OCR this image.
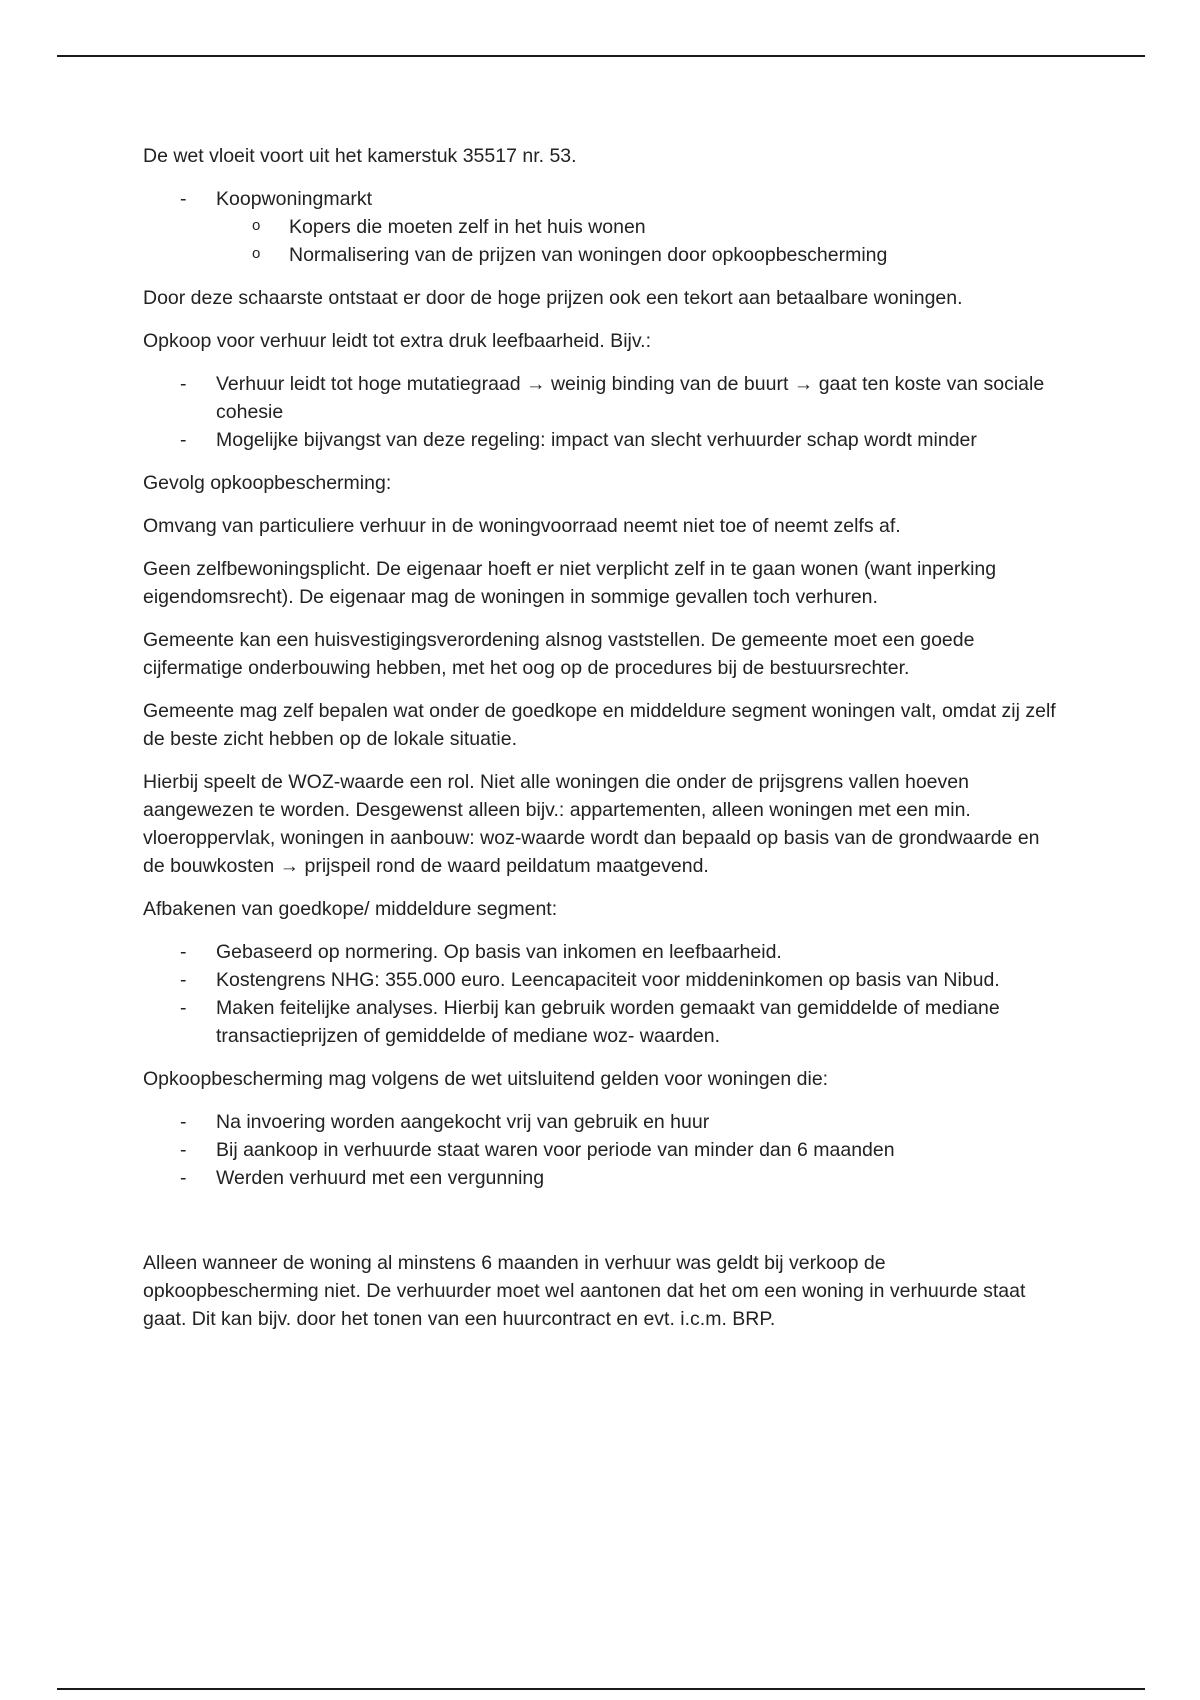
De wet vloeit voort uit het kamerstuk 35517 nr. 53.

- Koopwoningmarkt
o Kopers die moeten zelf in het huis wonen
o Normalisering van de prijzen van woningen door opkoopbescherming

Door deze schaarste ontstaat er door de hoge prijzen ook een tekort aan betaalbare woningen.

Opkoop voor verhuur leidt tot extra druk leefbaarheid. Bijv.:

- Verhuur leidt tot hoge mutatiegraad → weinig binding van de buurt → gaat ten koste van sociale cohesie
- Mogelijke bijvangst van deze regeling: impact van slecht verhuurder schap wordt minder

Gevolg opkoopbescherming:

Omvang van particuliere verhuur in de woningvoorraad neemt niet toe of neemt zelfs af.

Geen zelfbewoningsplicht. De eigenaar hoeft er niet verplicht zelf in te gaan wonen (want inperking eigendomsrecht). De eigenaar mag de woningen in sommige gevallen toch verhuren.

Gemeente kan een huisvestigingsverordening alsnog vaststellen. De gemeente moet een goede cijfermatige onderbouwing hebben, met het oog op de procedures bij de bestuursrechter.

Gemeente mag zelf bepalen wat onder de goedkope en middeldure segment woningen valt, omdat zij zelf de beste zicht hebben op de lokale situatie.

Hierbij speelt de WOZ-waarde een rol. Niet alle woningen die onder de prijsgrens vallen hoeven aangewezen te worden. Desgewenst alleen bijv.: appartementen, alleen woningen met een min. vloeroppervlak, woningen in aanbouw: woz-waarde wordt dan bepaald op basis van de grondwaarde en de bouwkosten → prijspeil rond de waard peildatum maatgevend.

Afbakenen van goedkope/ middeldure segment:

- Gebaseerd op normering. Op basis van inkomen en leefbaarheid.
- Kostengrens NHG: 355.000 euro. Leencapaciteit voor middeninkomen op basis van Nibud.
- Maken feitelijke analyses. Hierbij kan gebruik worden gemaakt van gemiddelde of mediane transactieprijzen of gemiddelde of mediane woz- waarden.

Opkoopbescherming mag volgens de wet uitsluitend gelden voor woningen die:

- Na invoering worden aangekocht vrij van gebruik en huur
- Bij aankoop in verhuurde staat waren voor periode van minder dan 6 maanden
- Werden verhuurd met een vergunning

Alleen wanneer de woning al minstens 6 maanden in verhuur was geldt bij verkoop de opkoopbescherming niet. De verhuurder moet wel aantonen dat het om een woning in verhuurde staat gaat. Dit kan bijv. door het tonen van een huurcontract en evt. i.c.m. BRP.
